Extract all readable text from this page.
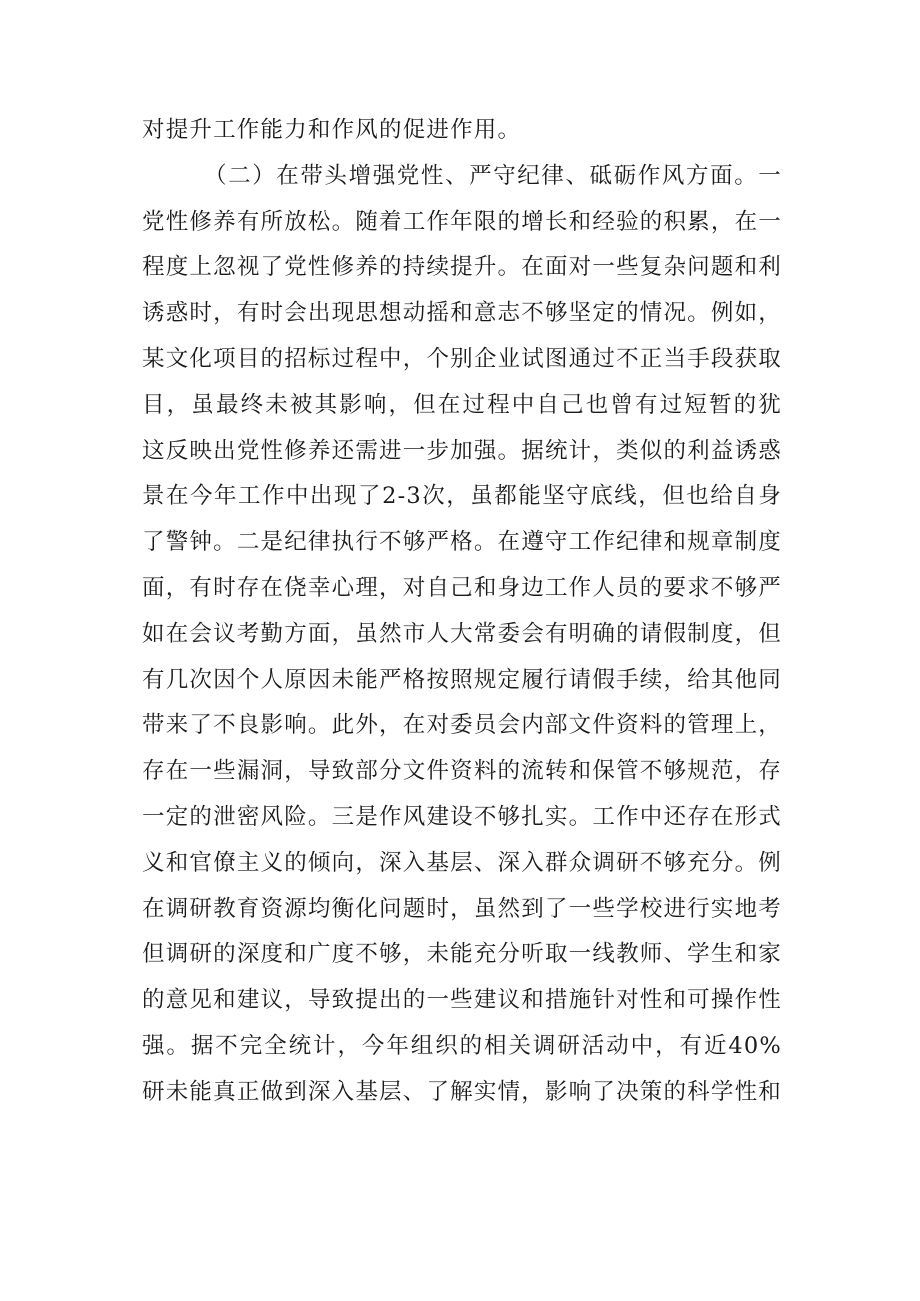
对提升工作能力和作风的促进作用。
（二）在带头增强党性、严守纪律、砥砺作风方面。一
党性修养有所放松。随着工作年限的增长和经验的积累，在一
程度上忽视了党性修养的持续提升。在面对一些复杂问题和利
诱惑时，有时会出现思想动摇和意志不够坚定的情况。例如，
某文化项目的招标过程中，个别企业试图通过不正当手段获取
目，虽最终未被其影响，但在过程中自己也曾有过短暂的犹
这反映出党性修养还需进一步加强。据统计，类似的利益诱惑
景在今年工作中出现了2-3次，虽都能坚守底线，但也给自身
了警钟。二是纪律执行不够严格。在遵守工作纪律和规章制度
面，有时存在侥幸心理，对自己和身边工作人员的要求不够严
如在会议考勤方面，虽然市人大常委会有明确的请假制度，但
有几次因个人原因未能严格按照规定履行请假手续，给其他同
带来了不良影响。此外，在对委员会内部文件资料的管理上，
存在一些漏洞，导致部分文件资料的流转和保管不够规范，存
一定的泄密风险。三是作风建设不够扎实。工作中还存在形式
义和官僚主义的倾向，深入基层、深入群众调研不够充分。例
在调研教育资源均衡化问题时，虽然到了一些学校进行实地考
但调研的深度和广度不够，未能充分听取一线教师、学生和家
的意见和建议，导致提出的一些建议和措施针对性和可操作性
强。据不完全统计，今年组织的相关调研活动中，有近40%
研未能真正做到深入基层、了解实情，影响了决策的科学性和
